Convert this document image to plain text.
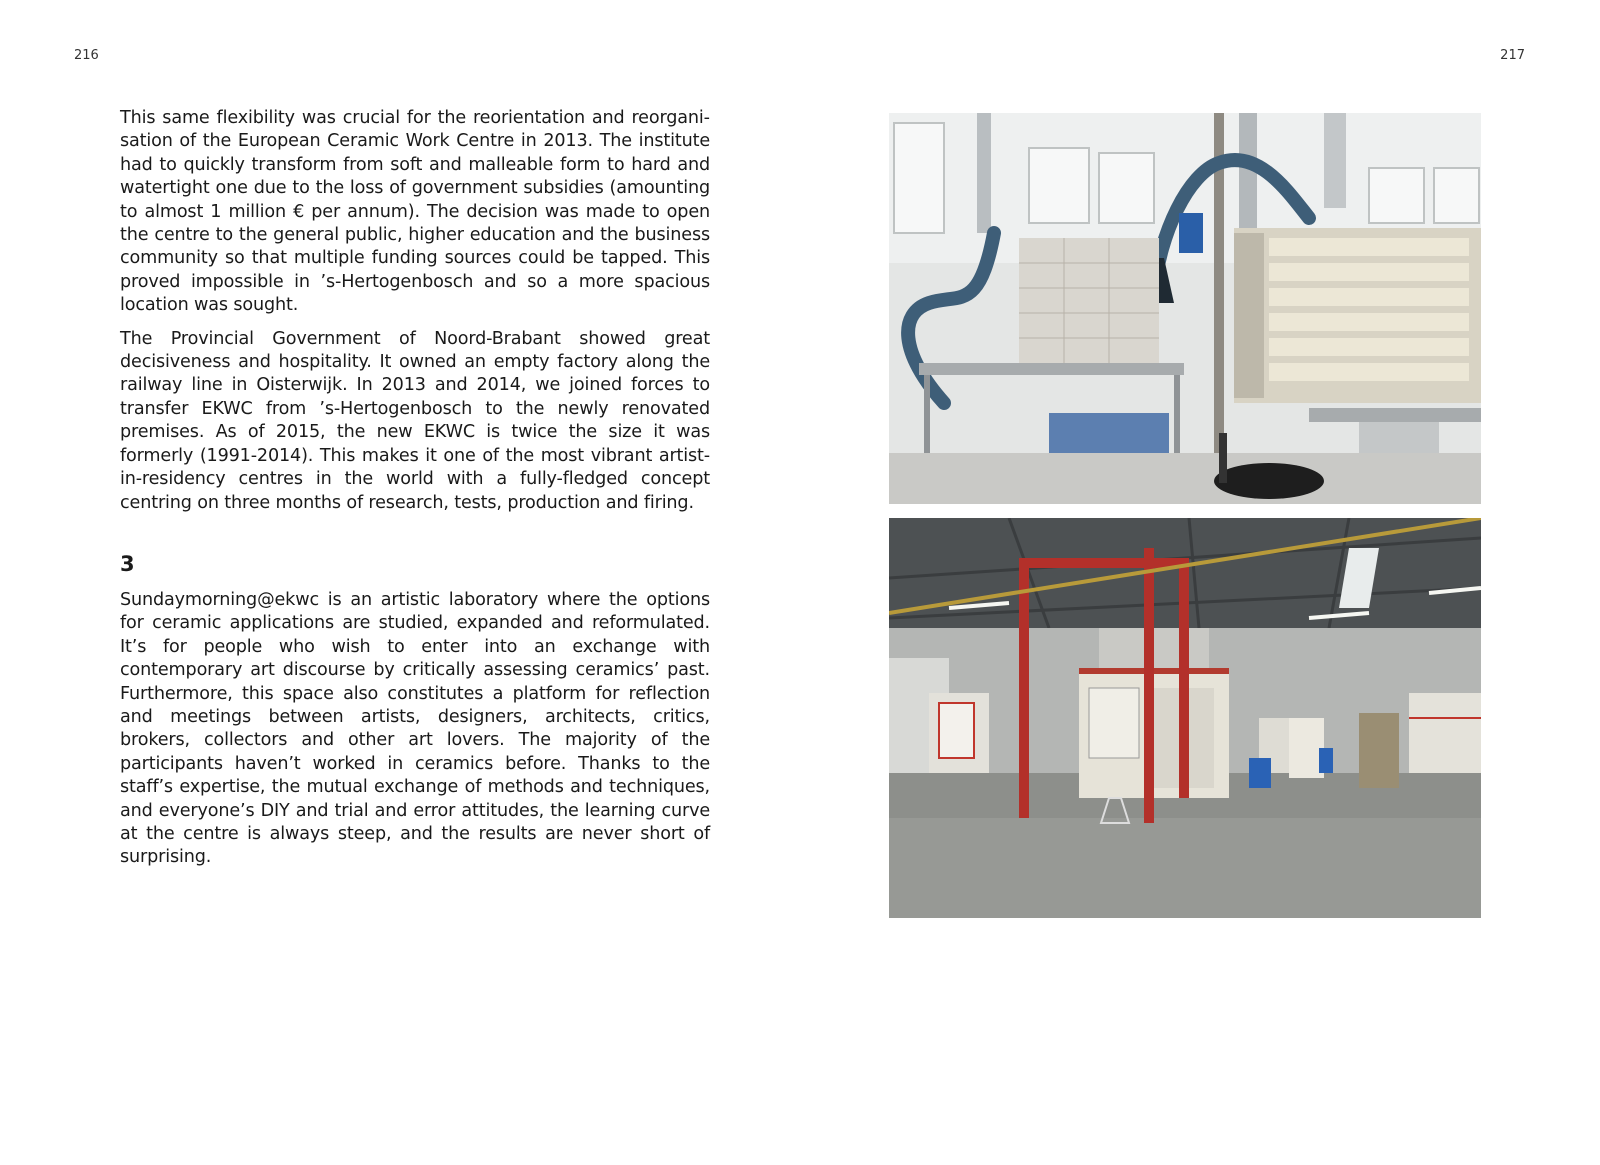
216

This same flexibility was crucial for the reorientation and reorganisation of the European Ceramic Work Centre in 2013. The institute had to quickly transform from soft and malleable form to hard and watertight one due to the loss of government subsidies (amounting to almost 1 million € per annum). The decision was made to open the centre to the general public, higher education and the business community so that multiple funding sources could be tapped. This proved impossible in ’s-Hertogenbosch and so a more spacious location was sought.

The Provincial Government of Noord-Brabant showed great decisiveness and hospitality. It owned an empty factory along the railway line in Oisterwijk. In 2013 and 2014, we joined forces to transfer EKWC from ’s-Hertogenbosch to the newly renovated premises. As of 2015, the new EKWC is twice the size it was formerly (1991-2014). This makes it one of the most vibrant artist-in-residency centres in the world with a fully-fledged concept centring on three months of research, tests, production and firing.

3

Sundaymorning@ekwc is an artistic laboratory where the options for ceramic applications are studied, expanded and reformulated. It’s for people who wish to enter into an exchange with contemporary art discourse by critically assessing ceramics’ past. Furthermore, this space also constitutes a platform for reflection and meetings between artists, designers, architects, critics, brokers, collectors and other art lovers. The majority of the participants haven’t worked in ceramics before. Thanks to the staff’s expertise, the mutual exchange of methods and techniques, and everyone’s DIY and trial and error attitudes, the learning curve at the centre is always steep, and the results are never short of surprising.

217
